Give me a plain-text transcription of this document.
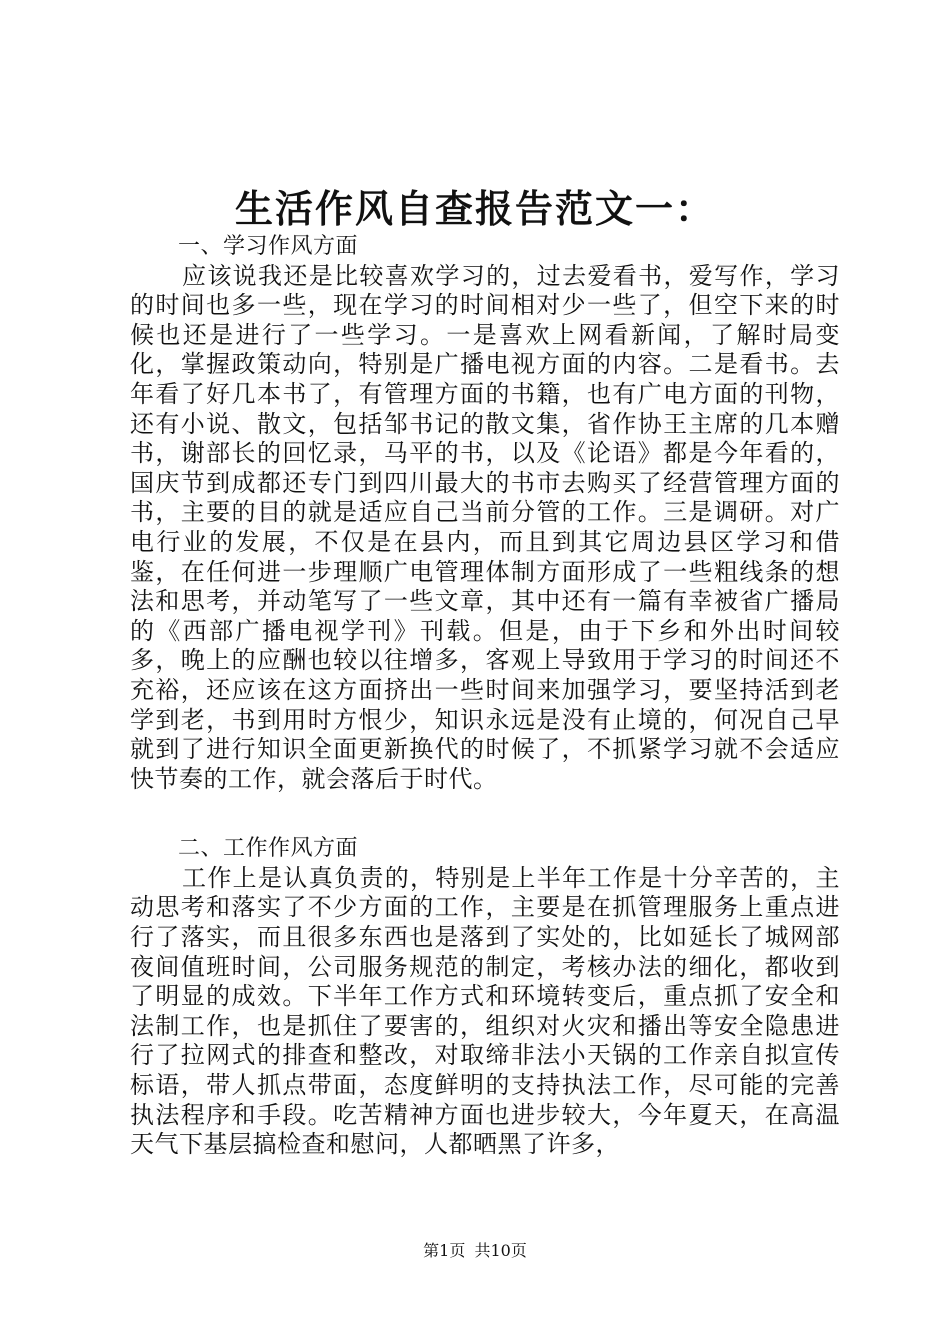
生活作风自查报告范文一：
一、学习作风方面

应该说我还是比较喜欢学习的，过去爱看书，爱写作，学习的时间也多一些，现在学习的时间相对少一些了，但空下来的时候也还是进行了一些学习。一是喜欢上网看新闻，了解时局变化，掌握政策动向，特别是广播电视方面的内容。二是看书。去年看了好几本书了，有管理方面的书籍，也有广电方面的刊物，还有小说、散文，包括邹书记的散文集，省作协王主席的几本赠书，谢部长的回忆录，马平的书，以及《论语》都是今年看的，国庆节到成都还专门到四川最大的书市去购买了经营管理方面的书，主要的目的就是适应自己当前分管的工作。三是调研。对广电行业的发展，不仅是在县内，而且到其它周边县区学习和借鉴，在任何进一步理顺广电管理体制方面形成了一些粗线条的想法和思考，并动笔写了一些文章，其中还有一篇有幸被省广播局的《西部广播电视学刊》刊载。但是，由于下乡和外出时间较多，晚上的应酬也较以往增多，客观上导致用于学习的时间还不充裕，还应该在这方面挤出一些时间来加强学习，要坚持活到老学到老，书到用时方恨少，知识永远是没有止境的，何况自己早就到了进行知识全面更新换代的时候了，不抓紧学习就不会适应快节奏的工作，就会落后于时代。

二、工作作风方面

工作上是认真负责的，特别是上半年工作是十分辛苦的，主动思考和落实了不少方面的工作，主要是在抓管理服务上重点进行了落实，而且很多东西也是落到了实处的，比如延长了城网部夜间值班时间，公司服务规范的制定，考核办法的细化，都收到了明显的成效。下半年工作方式和环境转变后，重点抓了安全和法制工作，也是抓住了要害的，组织对火灾和播出等安全隐患进行了拉网式的排查和整改，对取缔非法小天锅的工作亲自拟宣传标语，带人抓点带面，态度鲜明的支持执法工作，尽可能的完善执法程序和手段。吃苦精神方面也进步较大，今年夏天，在高温天气下基层搞检查和慰问，人都晒黑了许多，

第1页 共10页
